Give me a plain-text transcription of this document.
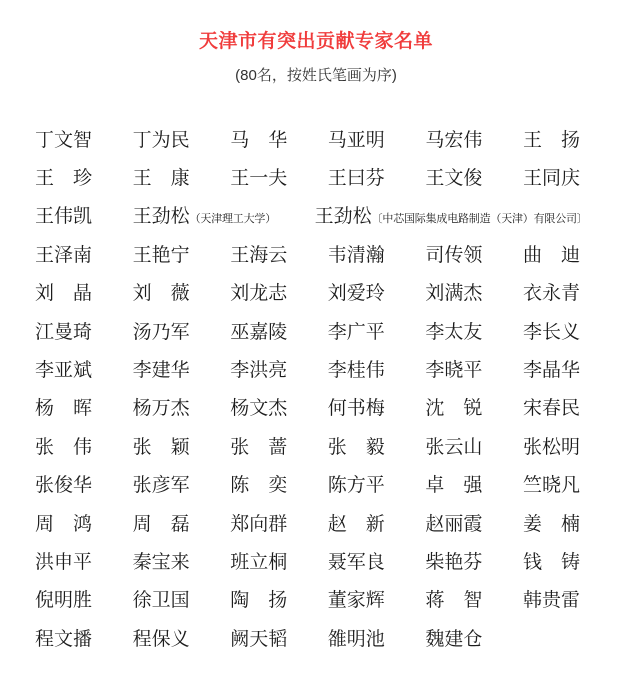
天津市有突出贡献专家名单
(80名，按姓氏笔画为序)
丁文智	丁为民	马　华	马亚明	马宏伟	王　扬
王　珍	王　康	王一夫	王曰芬	王文俊	王同庆
王伟凯	王劲松（天津理工大学）	王劲松〔中芯国际集成电路制造（天津）有限公司〕
王泽南	王艳宁	王海云	韦清瀚	司传领	曲　迪
刘　晶	刘　薇	刘龙志	刘爱玲	刘满杰	衣永青
江曼琦	汤乃军	巫嘉陵	李广平	李太友	李长义
李亚斌	李建华	李洪亮	李桂伟	李晓平	李晶华
杨　晖	杨万杰	杨文杰	何书梅	沈　锐	宋春民
张　伟	张　颖	张　蔷	张　毅	张云山	张松明
张俊华	张彦军	陈　奕	陈方平	卓　强	竺晓凡
周　鸿	周　磊	郑向群	赵　新	赵丽霞	姜　楠
洪申平	秦宝来	班立桐	聂军良	柴艳芬	钱　铸
倪明胜	徐卫国	陶　扬	董家辉	蒋　智	韩贵雷
程文播	程保义	阙天韬	雒明池	魏建仓
